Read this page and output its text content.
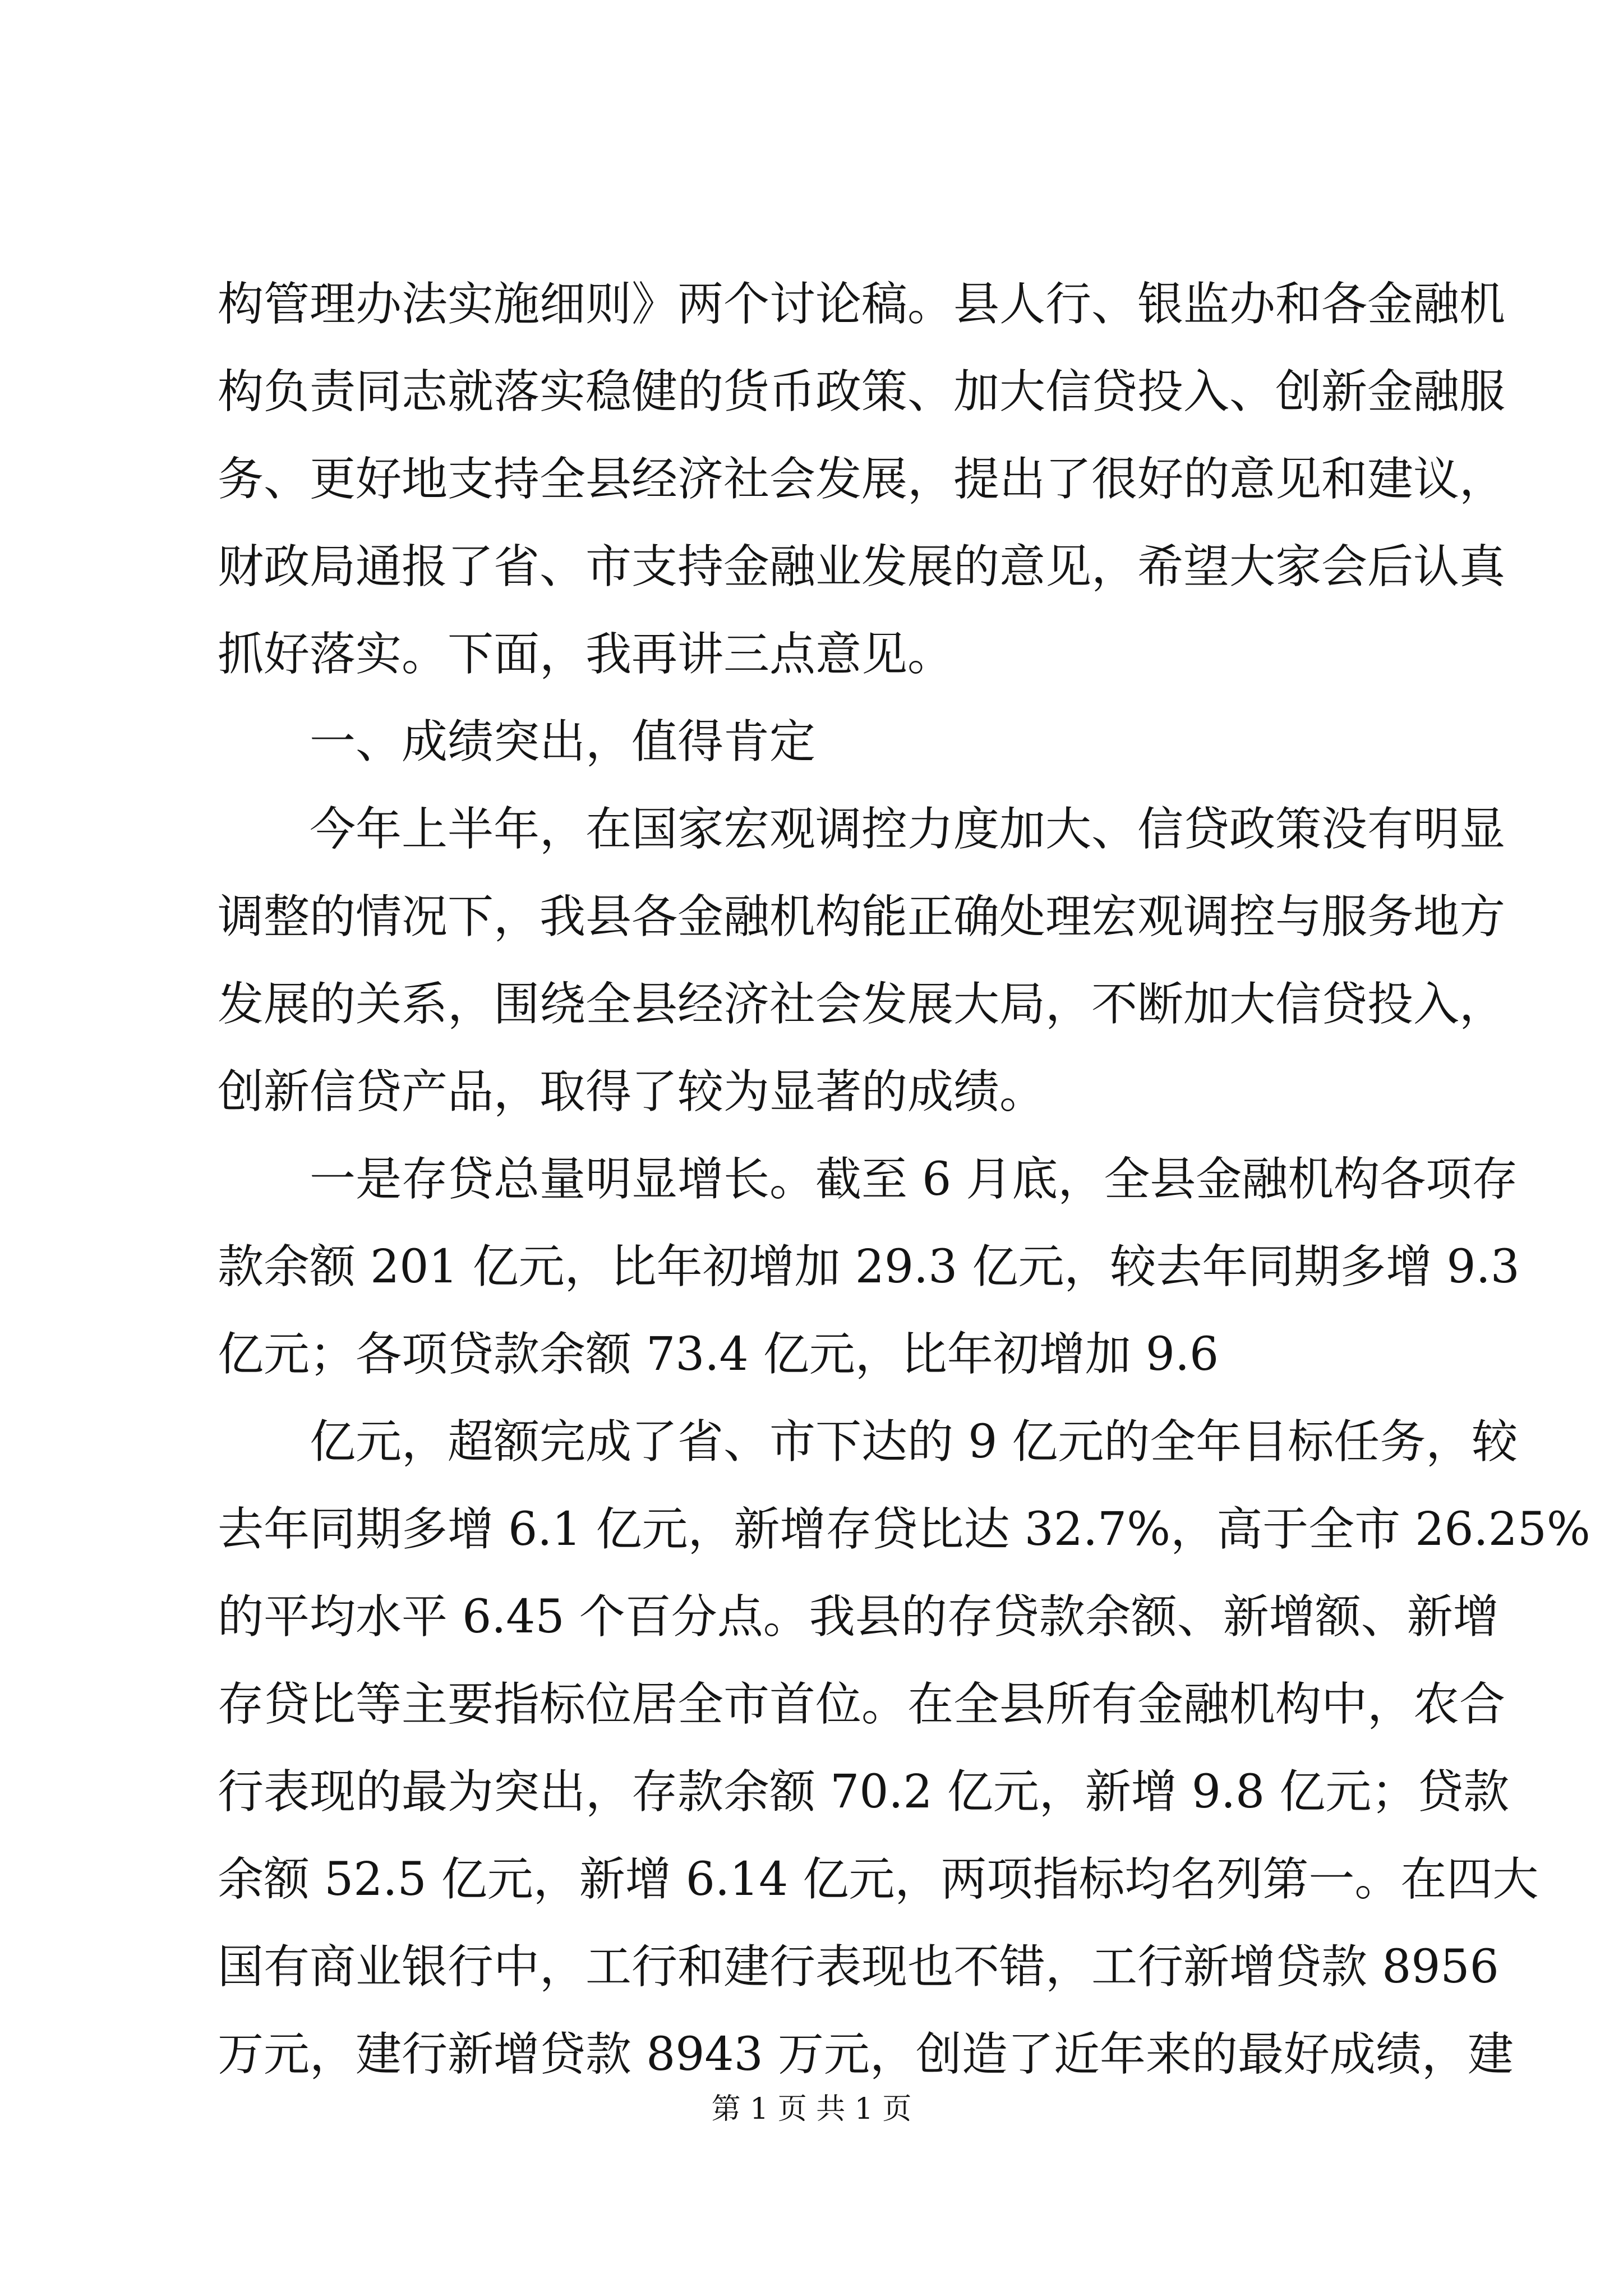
构管理办法实施细则》两个讨论稿。县人行、银监办和各金融机
构负责同志就落实稳健的货币政策、加大信贷投入、创新金融服
务、更好地支持全县经济社会发展，提出了很好的意见和建议，
财政局通报了省、市支持金融业发展的意见，希望大家会后认真
抓好落实。下面，我再讲三点意见。
一、成绩突出，值得肯定
今年上半年，在国家宏观调控力度加大、信贷政策没有明显
调整的情况下，我县各金融机构能正确处理宏观调控与服务地方
发展的关系，围绕全县经济社会发展大局，不断加大信贷投入，
创新信贷产品，取得了较为显著的成绩。
一是存贷总量明显增长。截至 6 月底，全县金融机构各项存
款余额 201 亿元，比年初增加 29.3 亿元，较去年同期多增 9.3
亿元；各项贷款余额 73.4 亿元，比年初增加 9.6
亿元，超额完成了省、市下达的 9 亿元的全年目标任务，较
去年同期多增 6.1 亿元，新增存贷比达 32.7%，高于全市 26.25%
的平均水平 6.45 个百分点。我县的存贷款余额、新增额、新增
存贷比等主要指标位居全市首位。在全县所有金融机构中，农合
行表现的最为突出，存款余额 70.2 亿元，新增 9.8 亿元；贷款
余额 52.5 亿元，新增 6.14 亿元，两项指标均名列第一。在四大
国有商业银行中，工行和建行表现也不错，工行新增贷款 8956
万元，建行新增贷款 8943 万元，创造了近年来的最好成绩，建
第 1 页 共 1 页
